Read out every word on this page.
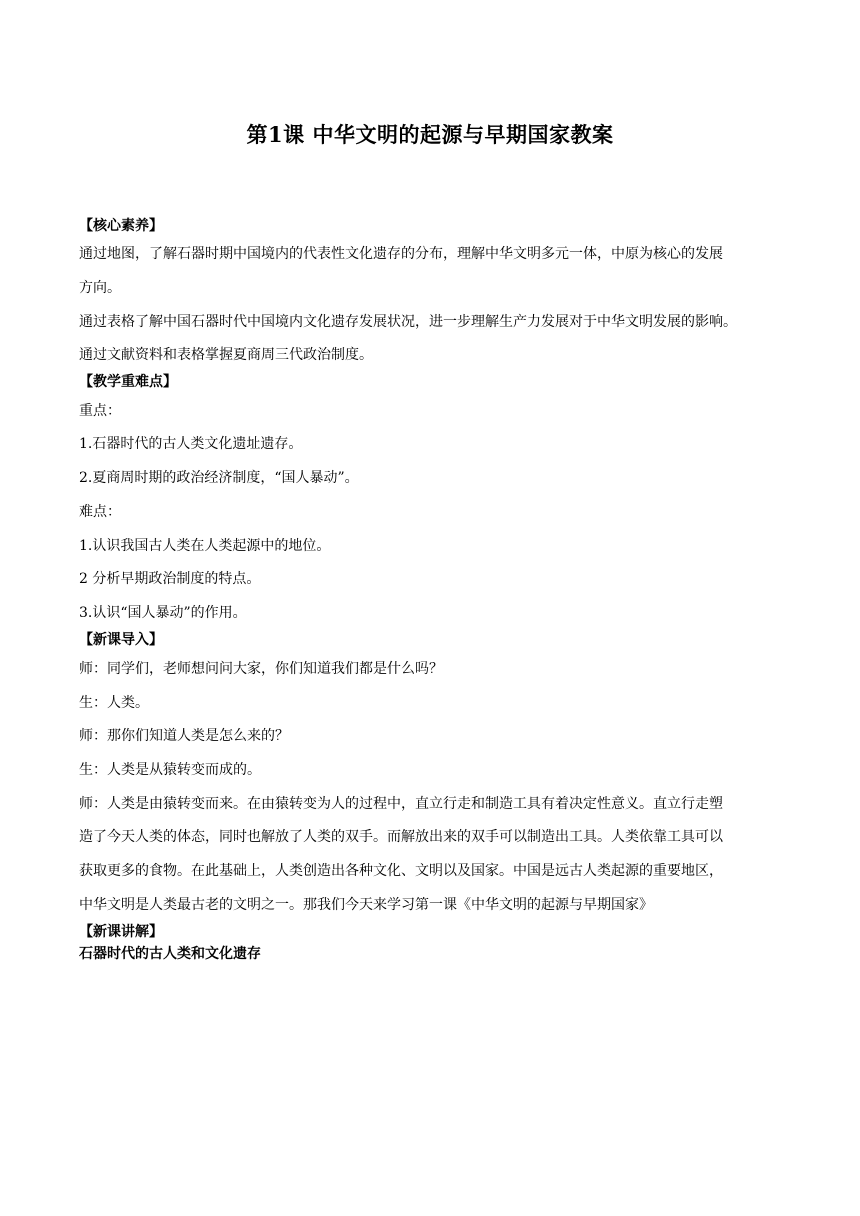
第1课 中华文明的起源与早期国家教案
【核心素养】
通过地图，了解石器时期中国境内的代表性文化遗存的分布，理解中华文明多元一体，中原为核心的发展
方向。
通过表格了解中国石器时代中国境内文化遗存发展状况，进一步理解生产力发展对于中华文明发展的影响。
通过文献资料和表格掌握夏商周三代政治制度。
【教学重难点】
重点：
1.石器时代的古人类文化遗址遗存。
2.夏商周时期的政治经济制度，“国人暴动”。
难点：
1.认识我国古人类在人类起源中的地位。
2 分析早期政治制度的特点。
3.认识“国人暴动”的作用。
【新课导入】
师：同学们，老师想问问大家，你们知道我们都是什么吗？
生：人类。
师：那你们知道人类是怎么来的？
生：人类是从猿转变而成的。
师：人类是由猿转变而来。在由猿转变为人的过程中，直立行走和制造工具有着决定性意义。直立行走塑
造了今天人类的体态，同时也解放了人类的双手。而解放出来的双手可以制造出工具。人类依靠工具可以
获取更多的食物。在此基础上，人类创造出各种文化、文明以及国家。中国是远古人类起源的重要地区，
中华文明是人类最古老的文明之一。那我们今天来学习第一课《中华文明的起源与早期国家》
【新课讲解】
石器时代的古人类和文化遗存
